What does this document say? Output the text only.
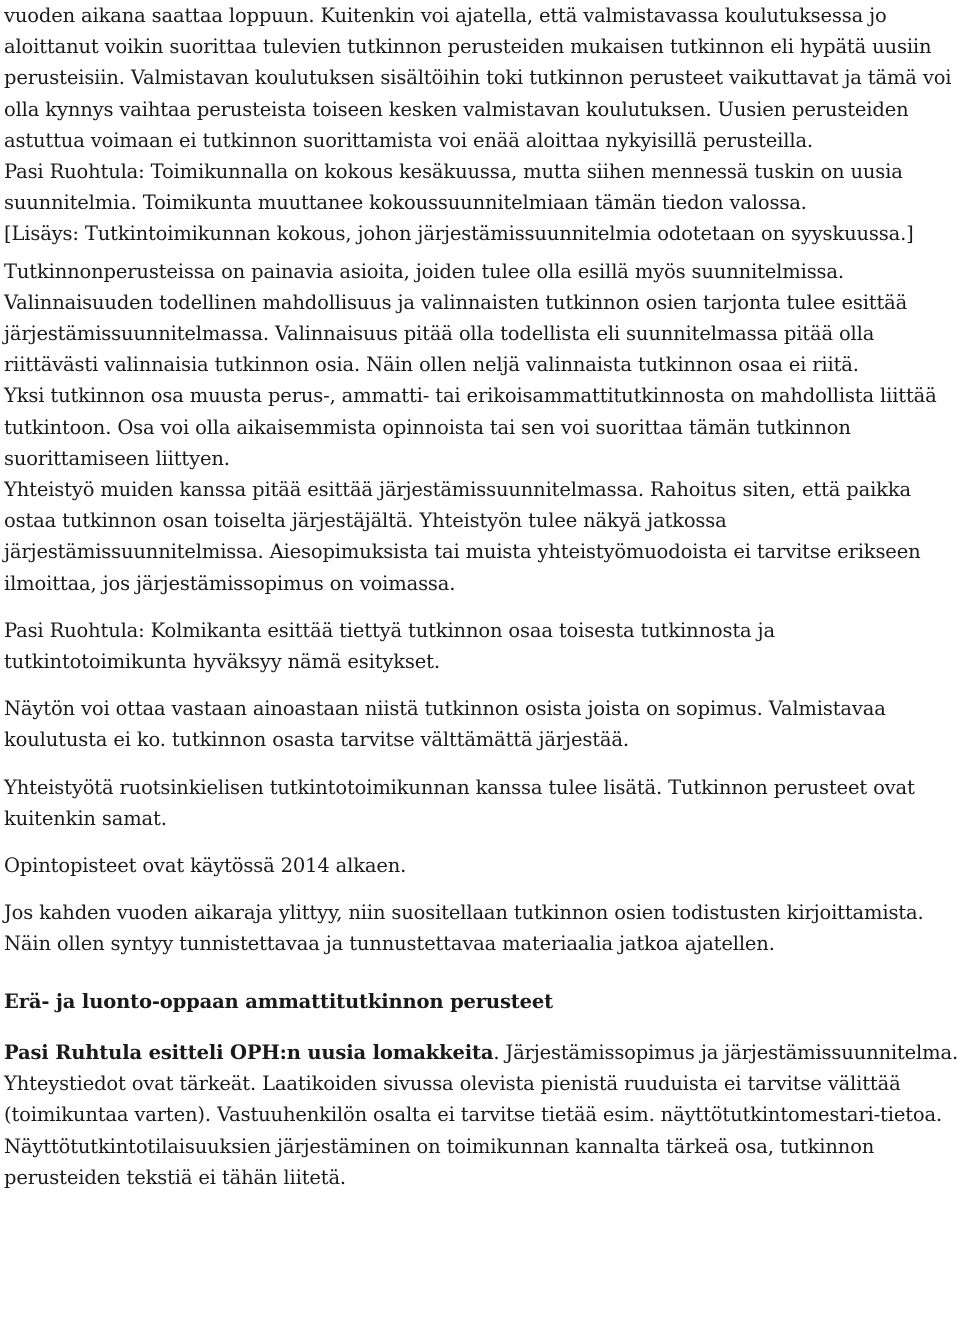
vuoden aikana saattaa loppuun. Kuitenkin voi ajatella, että valmistavassa koulutuksessa jo aloittanut voikin suorittaa tulevien tutkinnon perusteiden mukaisen tutkinnon eli hypätä uusiin perusteisiin. Valmistavan koulutuksen sisältöihin toki tutkinnon perusteet vaikuttavat ja tämä voi olla kynnys vaihtaa perusteista toiseen kesken valmistavan koulutuksen. Uusien perusteiden astuttua voimaan ei tutkinnon suorittamista voi enää aloittaa nykyisillä perusteilla.

Pasi Ruohtula: Toimikunnalla on kokous kesäkuussa, mutta siihen mennessä tuskin on uusia suunnitelmia. Toimikunta muuttanee kokoussuunnitelmiaan tämän tiedon valossa.

[Lisäys: Tutkintoimikunnan kokous, johon järjestämissuunnitelmia odotetaan on syyskuussa.]

Tutkinnonperusteissa on painavia asioita, joiden tulee olla esillä myös suunnitelmissa. Valinnaisuuden todellinen mahdollisuus ja valinnaisten tutkinnon osien tarjonta tulee esittää järjestämissuunnitelmassa. Valinnaisuus pitää olla todellista eli suunnitelmassa pitää olla riittävästi valinnaisia tutkinnon osia. Näin ollen neljä valinnaista tutkinnon osaa ei riitä.

Yksi tutkinnon osa muusta perus-, ammatti- tai erikoisammattitutkinnosta on mahdollista liittää tutkintoon. Osa voi olla aikaisemmista opinnoista tai sen voi suorittaa tämän tutkinnon suorittamiseen liittyen.

Yhteistyö muiden kanssa pitää esittää järjestämissuunnitelmassa. Rahoitus siten, että paikka ostaa tutkinnon osan toiselta järjestäjältä. Yhteistyön tulee näkyä jatkossa järjestämissuunnitelmissa. Aiesopimuksista tai muista yhteistyömuodoista ei tarvitse erikseen ilmoittaa, jos järjestämissopimus on voimassa.

Pasi Ruohtula: Kolmikanta esittää tiettyä tutkinnon osaa toisesta tutkinnosta ja tutkintotoimikunta hyväksyy nämä esitykset.

Näytön voi ottaa vastaan ainoastaan niistä tutkinnon osista joista on sopimus. Valmistavaa koulutusta ei ko. tutkinnon osasta tarvitse välttämättä järjestää.

Yhteistyötä ruotsinkielisen tutkintotoimikunnan kanssa tulee lisätä. Tutkinnon perusteet ovat kuitenkin samat.

Opintopisteet ovat käytössä 2014 alkaen.

Jos kahden vuoden aikaraja ylittyy, niin suositellaan tutkinnon osien todistusten kirjoittamista. Näin ollen syntyy tunnistettavaa ja tunnustettavaa materiaalia jatkoa ajatellen.

Erä- ja luonto-oppaan ammattitutkinnon perusteet

Pasi Ruhtula esitteli OPH:n uusia lomakkeita. Järjestämissopimus ja järjestämissuunnitelma. Yhteystiedot ovat tärkeät. Laatikoiden sivussa olevista pienistä ruuduista ei tarvitse välittää (toimikuntaa varten). Vastuuhenkilön osalta ei tarvitse tietää esim. näyttötutkintomestari-tietoa. Näyttötutkintotilaisuuksien järjestäminen on toimikunnan kannalta tärkeä osa, tutkinnon perusteiden tekstiä ei tähän liitetä.
